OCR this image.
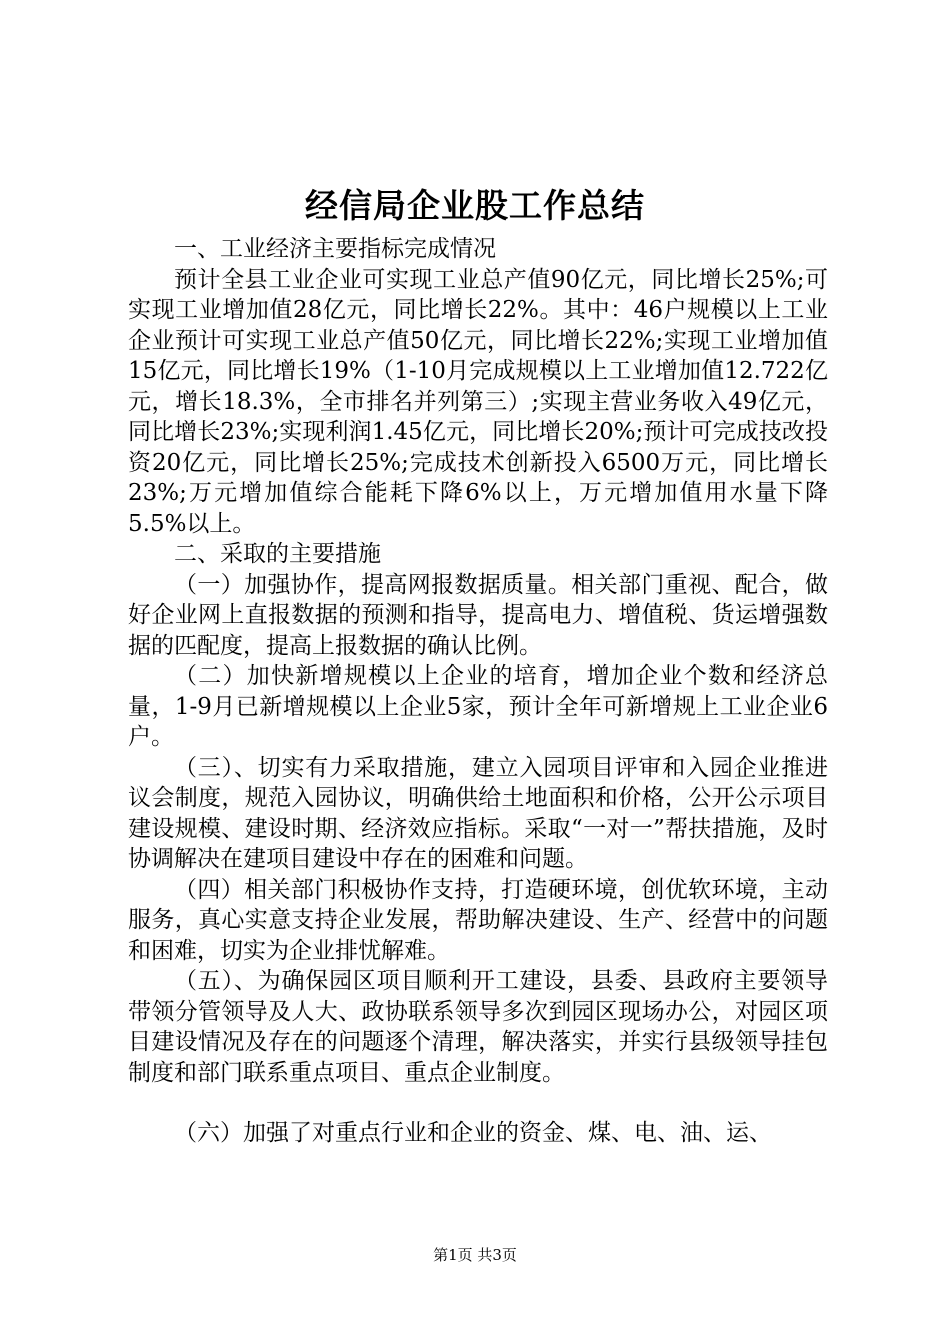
经信局企业股工作总结

一、工业经济主要指标完成情况

预计全县工业企业可实现工业总产值90亿元，同比增长25%;可实现工业增加值28亿元，同比增长22%。其中：46户规模以上工业企业预计可实现工业总产值50亿元，同比增长22%;实现工业增加值15亿元，同比增长19%（1-10月完成规模以上工业增加值12.722亿元，增长18.3%，全市排名并列第三）;实现主营业务收入49亿元，同比增长23%;实现利润1.45亿元，同比增长20%;预计可完成技改投资20亿元，同比增长25%;完成技术创新投入6500万元，同比增长23%;万元增加值综合能耗下降6%以上，万元增加值用水量下降5.5%以上。

二、采取的主要措施

（一）加强协作，提高网报数据质量。相关部门重视、配合，做好企业网上直报数据的预测和指导，提高电力、增值税、货运增强数据的匹配度，提高上报数据的确认比例。

（二）加快新增规模以上企业的培育，增加企业个数和经济总量，1-9月已新增规模以上企业5家，预计全年可新增规上工业企业6户。

（三）、切实有力采取措施，建立入园项目评审和入园企业推进议会制度，规范入园协议，明确供给土地面积和价格，公开公示项目建设规模、建设时期、经济效应指标。采取“一对一”帮扶措施，及时协调解决在建项目建设中存在的困难和问题。

（四）相关部门积极协作支持，打造硬环境，创优软环境，主动服务，真心实意支持企业发展，帮助解决建设、生产、经营中的问题和困难，切实为企业排忧解难。

（五）、为确保园区项目顺利开工建设，县委、县政府主要领导带领分管领导及人大、政协联系领导多次到园区现场办公，对园区项目建设情况及存在的问题逐个清理，解决落实，并实行县级领导挂包制度和部门联系重点项目、重点企业制度。

（六）加强了对重点行业和企业的资金、煤、电、油、运、

第1页 共3页
